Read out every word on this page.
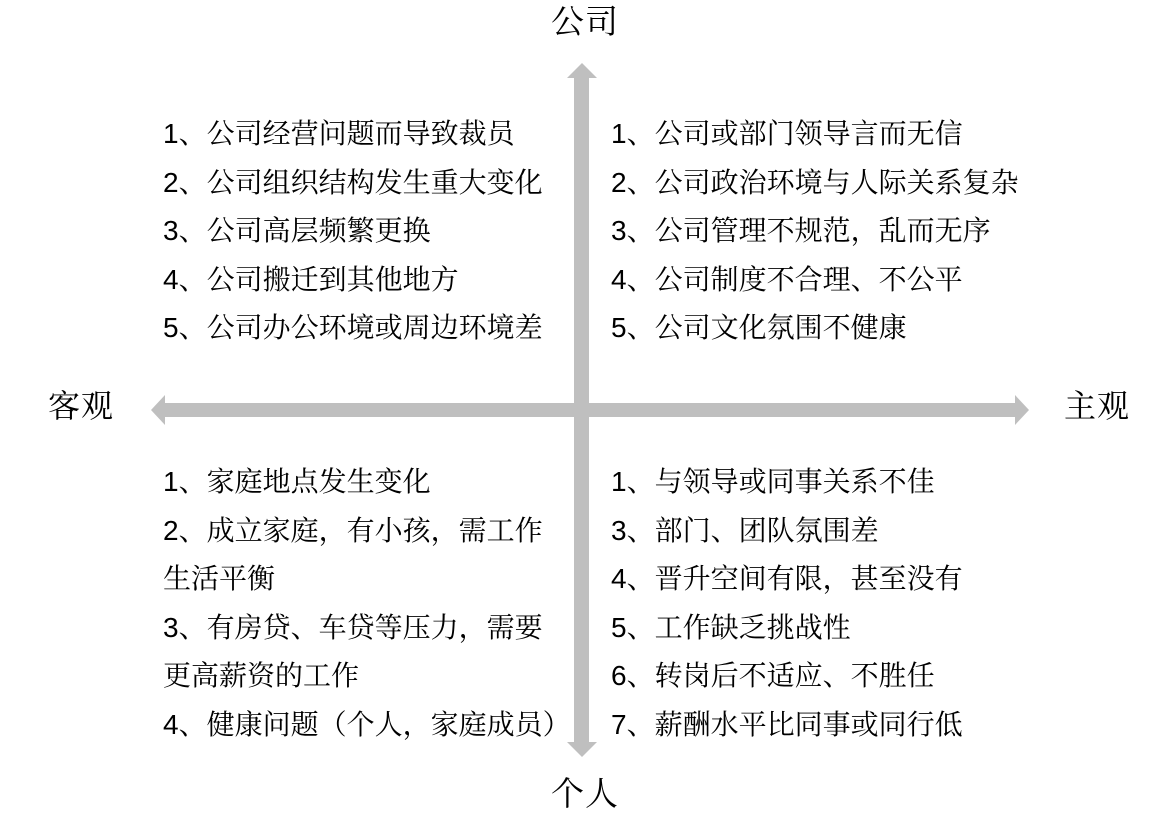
公司
个人
客观	主观
1、公司经营问题而导致裁员
2、公司组织结构发生重大变化
3、公司高层频繁更换
4、公司搬迁到其他地方
5、公司办公环境或周边环境差
1、公司或部门领导言而无信
2、公司政治环境与人际关系复杂
3、公司管理不规范，乱而无序
4、公司制度不合理、不公平
5、公司文化氛围不健康
1、家庭地点发生变化
2、成立家庭，有小孩，需工作
生活平衡
3、有房贷、车贷等压力，需要
更高薪资的工作
4、健康问题（个人，家庭成员）
1、与领导或同事关系不佳
3、部门、团队氛围差
4、晋升空间有限，甚至没有
5、工作缺乏挑战性
6、转岗后不适应、不胜任
7、薪酬水平比同事或同行低
